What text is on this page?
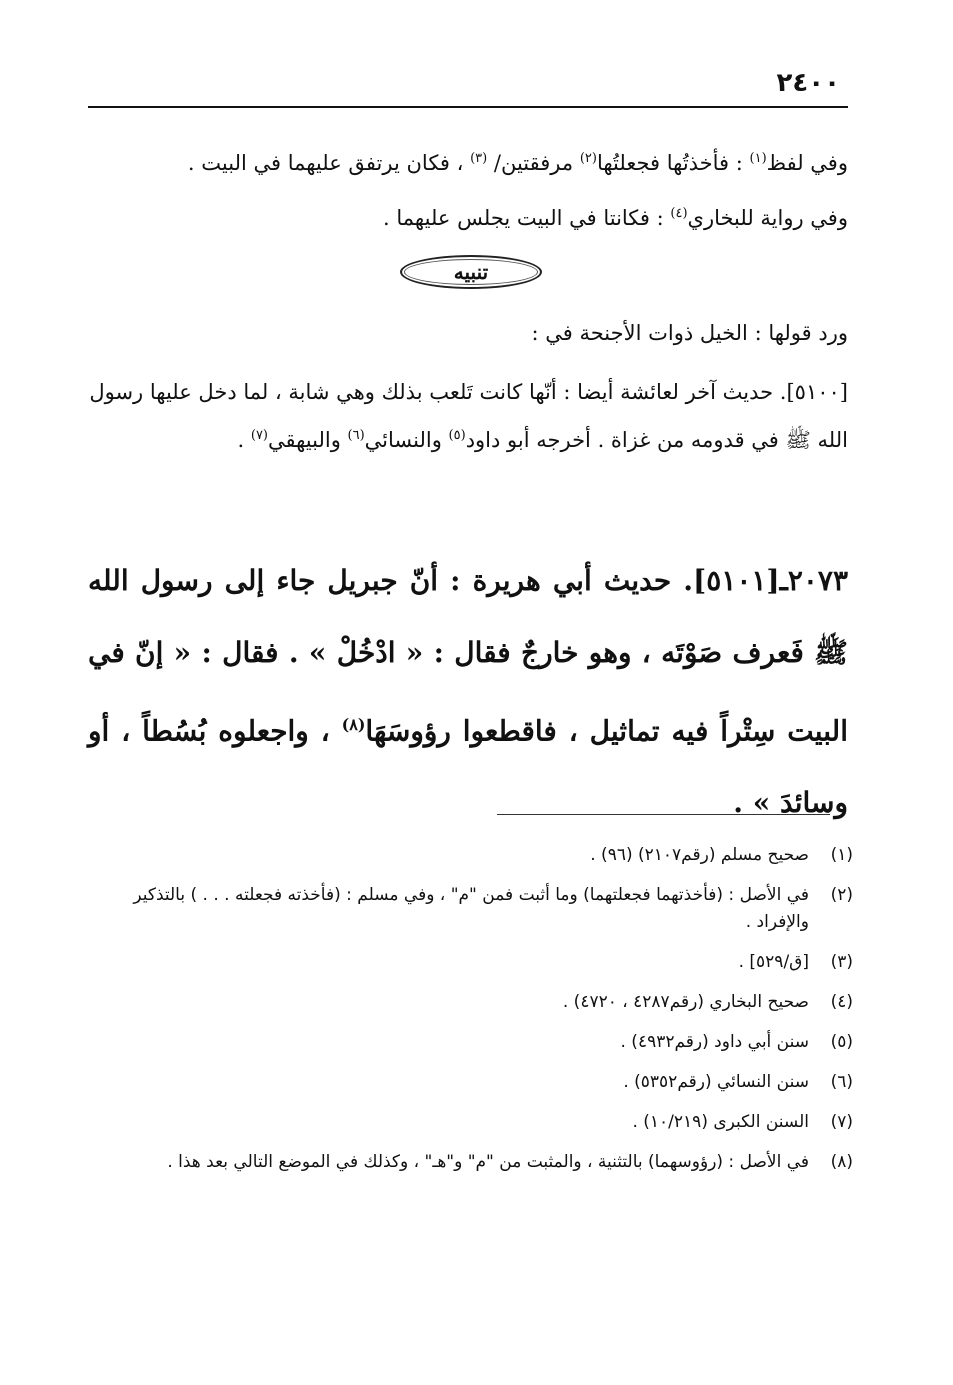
٢٤٠٠
وفي لفظ$^{(١)}$ : فأخذتُها فجعلتُها$^{(٢)}$ مرفقتين/ $^{(٣)}$ ، فكان يرتفق عليهما في البيت .
وفي رواية للبخاري$^{(٤)}$ : فكانتا في البيت يجلس عليهما .
تنبيه
ورد قولها : الخيل ذوات الأجنحة في :
[٥١٠٠]. حديث آخر لعائشة أيضا : أنّها كانت تَلعب بذلك وهي شابة ، لما دخل عليها رسول الله ﷺ في قدومه من غزاة . أخرجه أبو داود$^{(٥)}$ والنسائي$^{(٦)}$ والبيهقي$^{(٧)}$ .
٢٠٧٣ـ[٥١٠١]. حديث أبي هريرة : أنّ جبريل جاء إلى رسول الله ﷺ فَعرف صَوْتَه ، وهو خارجٌ فقال : « ادْخُلْ » . فقال : « إنّ في البيت سِتْراً فيه تماثيل ، فاقطعوا رؤوسَهَا$^{(٨)}$ ، واجعلوه بُسُطاً ، أو وسائدَ » .
(١)
صحيح مسلم (رقم٢١٠٧) (٩٦) .
(٢)
في الأصل : (فأخذتهما فجعلتهما) وما أثبت فمن "م" ، وفي مسلم : (فأخذته فجعلته . . . ) بالتذكير والإفراد .
(٣)
[ق/٥٢٩] .
(٤)
صحيح البخاري (رقم٤٢٨٧ ، ٤٧٢٠) .
(٥)
سنن أبي داود (رقم٤٩٣٢) .
(٦)
سنن النسائي (رقم٥٣٥٢) .
(٧)
السنن الكبرى (١٠/٢١٩) .
(٨)
في الأصل : (رؤوسهما) بالتثنية ، والمثبت من "م" و"هـ" ، وكذلك في الموضع التالي بعد هذا .
